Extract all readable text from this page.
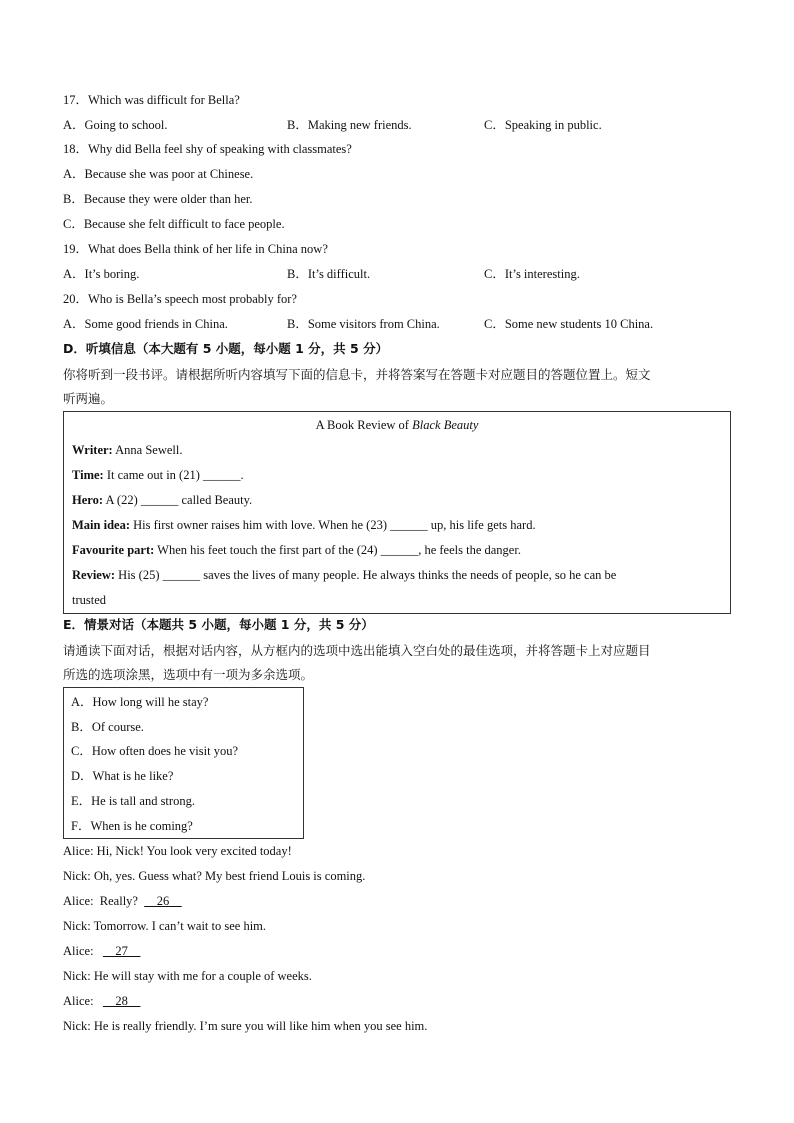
17．Which was difficult for Bella?
A．Going to school.	B．Making new friends.	C．Speaking in public.
18．Why did Bella feel shy of speaking with classmates?
A．Because she was poor at Chinese.
B．Because they were older than her.
C．Because she felt difficult to face people.
19．What does Bella think of her life in China now?
A．It’s boring.	B．It’s difficult.	C．It’s interesting.
20．Who is Bella’s speech most probably for?
A．Some good friends in China.	B．Some visitors from China.	C．Some new students 10 China.
D．听填信息（本大题有 5 小题，每小题 1 分，共 5 分）
你将听到一段书评。请根据所听内容填写下面的信息卡，并将答案写在答题卡对应题目的答题位置上。短文
听两遍。
A Book Review of Black Beauty
Writer: Anna Sewell.
Time: It came out in (21) ______.
Hero: A (22) ______ called Beauty.
Main idea: His first owner raises him with love. When he (23) ______ up, his life gets hard.
Favourite part: When his feet touch the first part of the (24) ______, he feels the danger.
Review: His (25) ______ saves the lives of many people. He always thinks the needs of people, so he can be
trusted
E．情景对话（本题共 5 小题，每小题 1 分，共 5 分）
请通读下面对话，根据对话内容，从方框内的选项中选出能填入空白处的最佳选项，并将答题卡上对应题目
所选的选项涂黑，选项中有一项为多余选项。
A．How long will he stay?
B．Of course.
C．How often does he visit you?
D．What is he like?
E．He is tall and strong.
F．When is he coming?
Alice: Hi, Nick! You look very excited today!
Nick: Oh, yes. Guess what? My best friend Louis is coming.
Alice:  Really?      26
Nick: Tomorrow. I can’t wait to see him.
Alice:       27
Nick: He will stay with me for a couple of weeks.
Alice:       28
Nick: He is really friendly. I’m sure you will like him when you see him.
